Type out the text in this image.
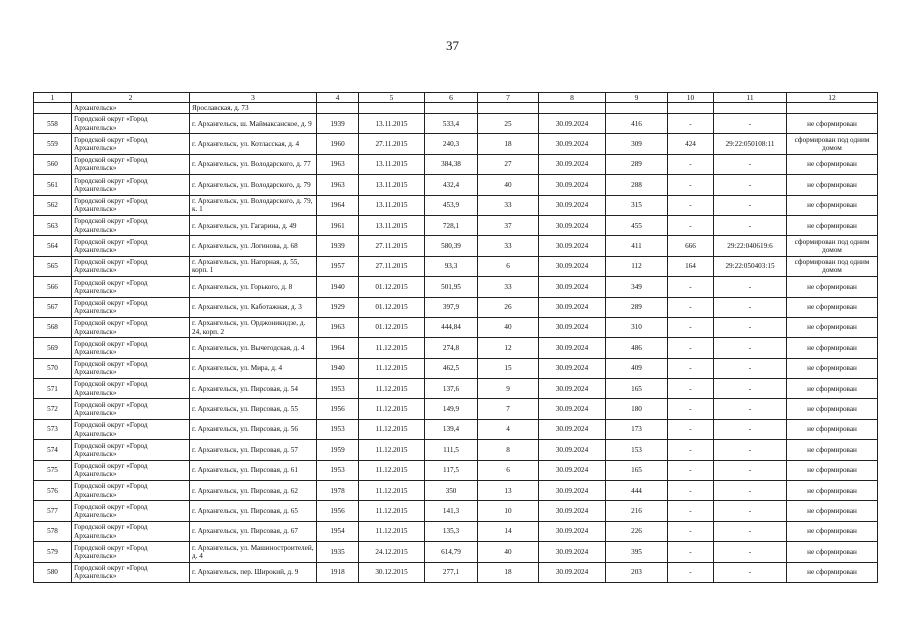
37
1	2	3	4	5	6	7	8	9	10	11	12
	Архангельск»	Ярославская, д. 73									
558	Городской округ «Город Архангельск»	г. Архангельск, ш. Маймаксанское, д. 9	1939	13.11.2015	533,4	25	30.09.2024	416	-	-	не сформирован
559	Городской округ «Город Архангельск»	г. Архангельск, ул. Котласская, д. 4	1960	27.11.2015	240,3	18	30.09.2024	309	424	29:22:050108:11	сформирован под одним домом
560	Городской округ «Город Архангельск»	г. Архангельск, ул. Володарского, д. 77	1963	13.11.2015	384,38	27	30.09.2024	289	-	-	не сформирован
561	Городской округ «Город Архангельск»	г. Архангельск, ул. Володарского, д. 79	1963	13.11.2015	432,4	40	30.09.2024	288	-	-	не сформирован
562	Городской округ «Город Архангельск»	г. Архангельск, ул. Володарского, д. 79, к. 1	1964	13.11.2015	453,9	33	30.09.2024	315	-	-	не сформирован
563	Городской округ «Город Архангельск»	г. Архангельск, ул. Гагарина, д. 49	1961	13.11.2015	728,1	37	30.09.2024	455	-	-	не сформирован
564	Городской округ «Город Архангельск»	г. Архангельск, ул. Логинова, д. 68	1939	27.11.2015	580,39	33	30.09.2024	411	666	29:22:040619:6	сформирован под одним домом
565	Городской округ «Город Архангельск»	г. Архангельск, ул. Нагорная, д. 55, корп. 1	1957	27.11.2015	93,3	6	30.09.2024	112	164	29:22:050403:15	сформирован под одним домом
566	Городской округ «Город Архангельск»	г. Архангельск, ул. Горького, д. 8	1940	01.12.2015	501,95	33	30.09.2024	349	-	-	не сформирован
567	Городской округ «Город Архангельск»	г. Архангельск, ул. Каботажная, д. 3	1929	01.12.2015	397,9	26	30.09.2024	289	-	-	не сформирован
568	Городской округ «Город Архангельск»	г. Архангельск, ул. Орджоникидзе, д. 24, корп. 2	1963	01.12.2015	444,84	40	30.09.2024	310	-	-	не сформирован
569	Городской округ «Город Архангельск»	г. Архангельск, ул. Вычегодская, д. 4	1964	11.12.2015	274,8	12	30.09.2024	486	-	-	не сформирован
570	Городской округ «Город Архангельск»	г. Архангельск, ул. Мира, д. 4	1940	11.12.2015	462,5	15	30.09.2024	409	-	-	не сформирован
571	Городской округ «Город Архангельск»	г. Архангельск, ул. Пирсовая, д. 54	1953	11.12.2015	137,6	9	30.09.2024	165	-	-	не сформирован
572	Городской округ «Город Архангельск»	г. Архангельск, ул. Пирсовая, д. 55	1956	11.12.2015	149,9	7	30.09.2024	180	-	-	не сформирован
573	Городской округ «Город Архангельск»	г. Архангельск, ул. Пирсовая, д. 56	1953	11.12.2015	139,4	4	30.09.2024	173	-	-	не сформирован
574	Городской округ «Город Архангельск»	г. Архангельск, ул. Пирсовая, д. 57	1959	11.12.2015	111,5	8	30.09.2024	153	-	-	не сформирован
575	Городской округ «Город Архангельск»	г. Архангельск, ул. Пирсовая, д. 61	1953	11.12.2015	117,5	6	30.09.2024	165	-	-	не сформирован
576	Городской округ «Город Архангельск»	г. Архангельск, ул. Пирсовая, д. 62	1978	11.12.2015	350	13	30.09.2024	444	-	-	не сформирован
577	Городской округ «Город Архангельск»	г. Архангельск, ул. Пирсовая, д. 65	1956	11.12.2015	141,3	10	30.09.2024	216	-	-	не сформирован
578	Городской округ «Город Архангельск»	г. Архангельск, ул. Пирсовая, д. 67	1954	11.12.2015	135,3	14	30.09.2024	226	-	-	не сформирован
579	Городской округ «Город Архангельск»	г. Архангельск, ул. Машиностроителей, д. 4	1935	24.12.2015	614,79	40	30.09.2024	395	-	-	не сформирован
580	Городской округ «Город Архангельск»	г. Архангельск, пер. Широкий, д. 9	1918	30.12.2015	277,1	18	30.09.2024	203	-	-	не сформирован
